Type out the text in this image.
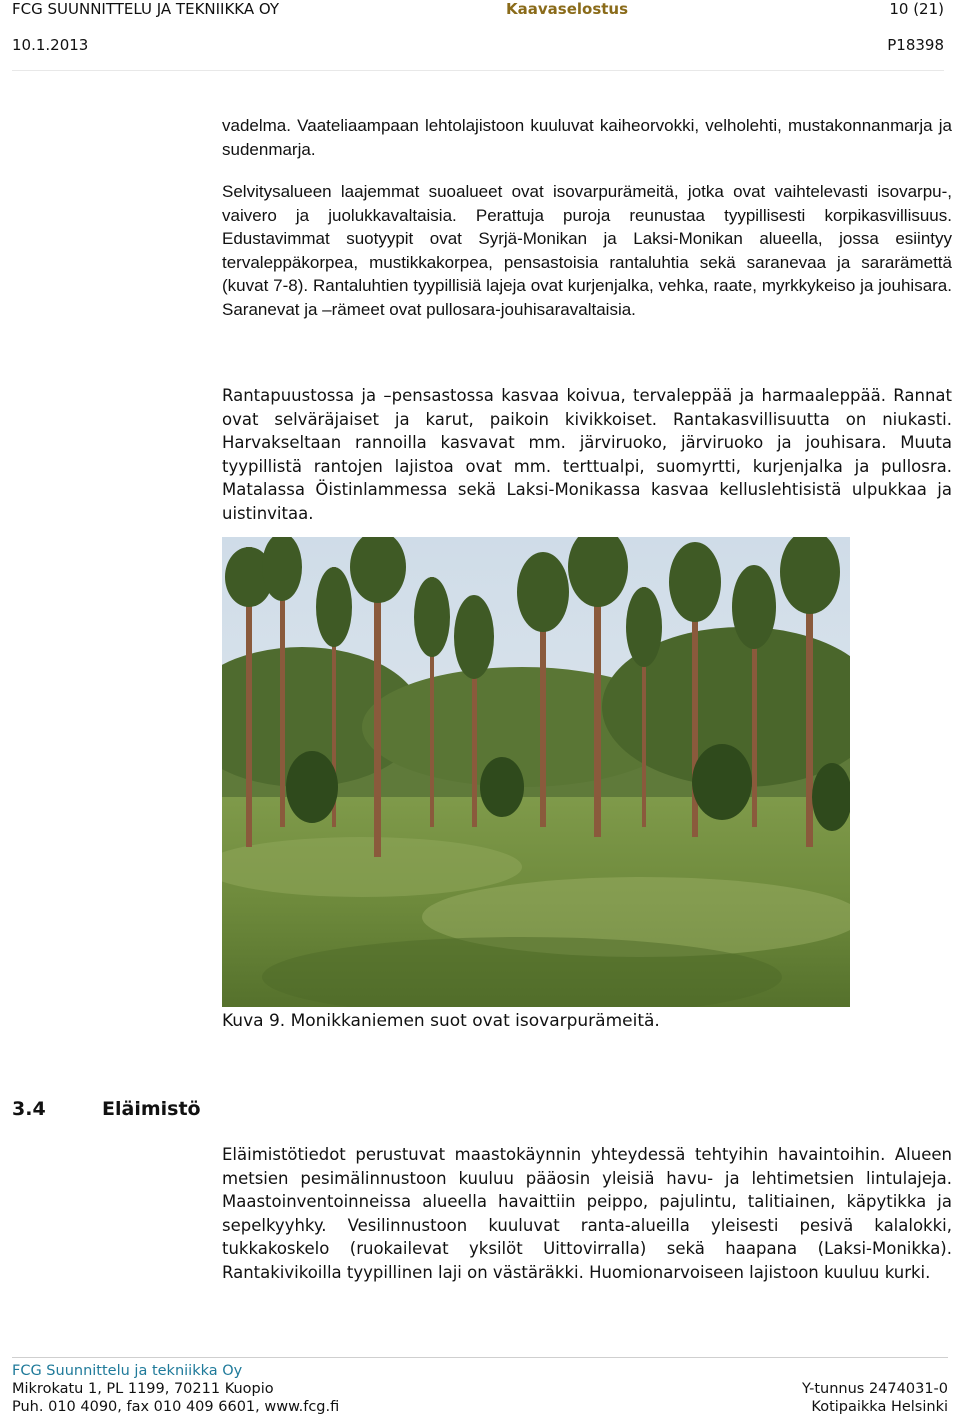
FCG SUUNNITTELU JA TEKNIIKKA OY	Kaavaselostus	10 (21)
10.1.2013	P18398

vadelma. Vaateliaampaan lehtolajistoon kuuluvat kaiheorvokki, velholehti, mustakonnanmarja ja sudenmarja.

Selvitysalueen laajemmat suoalueet ovat isovarpurämeitä, jotka ovat vaihtelevasti isovarpu-, vaivero ja juolukkavaltaisia. Perattuja puroja reunustaa tyypillisesti korpikasvillisuus. Edustavimmat suotyypit ovat Syrjä-Monikan ja Laksi-Monikan alueella, jossa esiintyy tervaleppäkorpea, mustikkakorpea, pensastoisia rantaluhtia sekä saranevaa ja sararämettä (kuvat 7-8). Rantaluhtien tyypillisiä lajeja ovat kurjenjalka, vehka, raate, myrkkykeiso ja jouhisara. Saranevat ja –rämeet ovat pullosara-jouhisaravaltaisia.

Rantapuustossa ja –pensastossa kasvaa koivua, tervaleppää ja harmaaleppää. Rannat ovat selväräjaiset ja karut, paikoin kivikkoiset. Rantakasvillisuutta on niukasti. Harvakseltaan rannoilla kasvavat mm. järviruoko, järviruoko ja jouhisara. Muuta tyypillistä rantojen lajistoa ovat mm. terttualpi, suomyrtti, kurjenjalka ja pullosra. Matalassa Öistinlammessa sekä Laksi-Monikassa kasvaa kelluslehtisistä ulpukkaa ja uistinvitaa.

Kuva 9. Monikkaniemen suot ovat isovarpurämeitä.
3.4	Eläimistö

Eläimistötiedot perustuvat maastokäynnin yhteydessä tehtyihin havaintoihin. Alueen metsien pesimälinnustoon kuuluu pääosin yleisiä havu- ja lehtimetsien lintulajeja. Maastoinventoinneissa alueella havaittiin peippo, pajulintu, talitiainen, käpytikka ja sepelkyyhky. Vesilinnustoon kuuluvat ranta-alueilla yleisesti pesivä kalalokki, tukkakoskelo (ruokailevat yksilöt Uittovirralla) sekä haapana (Laksi-Monikka). Rantakivikoilla tyypillinen laji on västäräkki. Huomionarvoiseen lajistoon kuuluu kurki.

FCG Suunnittelu ja tekniikka Oy
Mikrokatu 1, PL 1199, 70211 Kuopio	Y-tunnus 2474031-0
Puh. 010 4090, fax 010 409 6601, www.fcg.fi	Kotipaikka Helsinki
